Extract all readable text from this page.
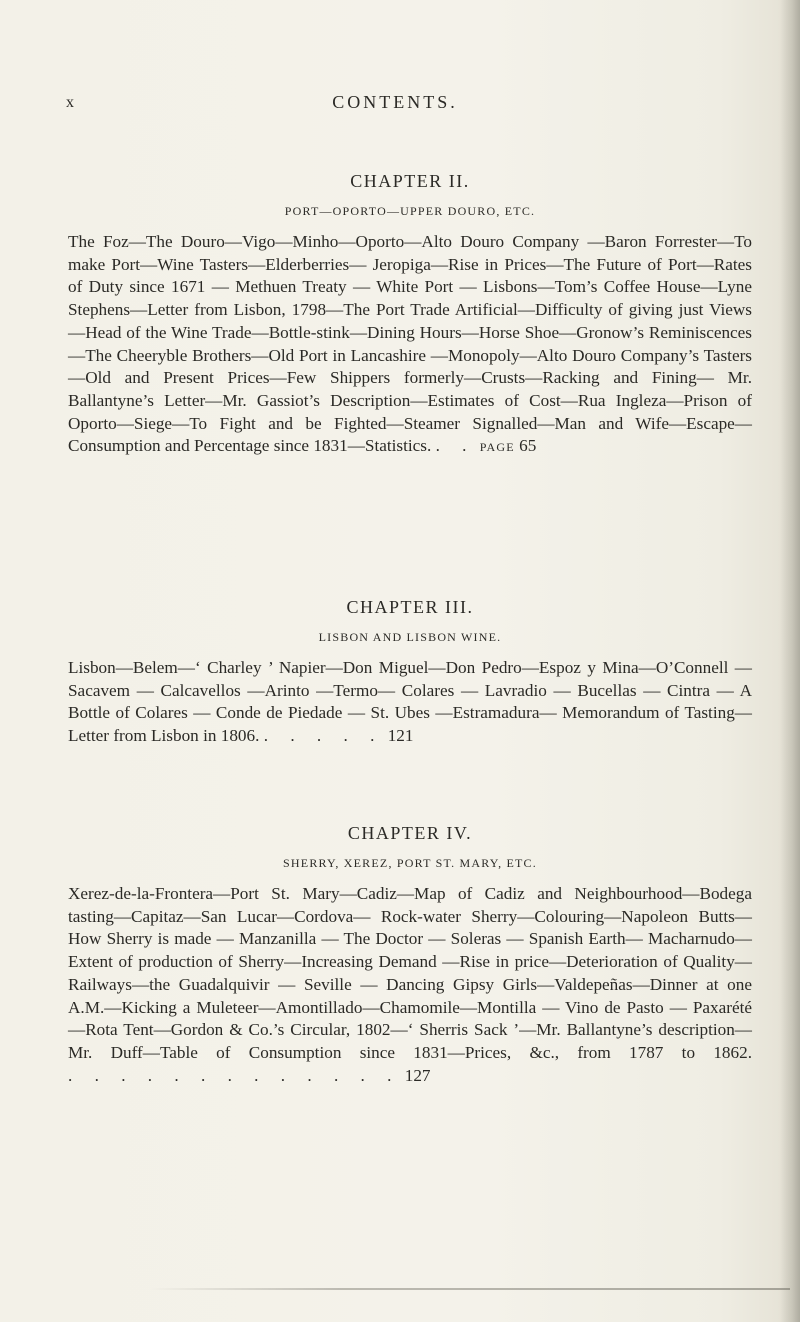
x	CONTENTS.
CHAPTER II.
PORT—OPORTO—UPPER DOURO, ETC.

The Foz—The Douro—Vigo—Minho—Oporto—Alto Douro Company —Baron Forrester—To make Port—Wine Tasters—Elderberries— Jeropiga—Rise in Prices—The Future of Port—Rates of Duty since 1671 — Methuen Treaty — White Port — Lisbons—Tom’s Coffee House—Lyne Stephens—Letter from Lisbon, 1798—The Port Trade Artificial—Difficulty of giving just Views—Head of the Wine Trade—Bottle-stink—Dining Hours—Horse Shoe—Gronow’s Reminiscences—The Cheeryble Brothers—Old Port in Lancashire —Monopoly—Alto Douro Company’s Tasters—Old and Present Prices—Few Shippers formerly—Crusts—Racking and Fining— Mr. Ballantyne’s Letter—Mr. Gassiot’s Description—Estimates of Cost—Rua Ingleza—Prison of Oporto—Siege—To Fight and be Fighted—Steamer Signalled—Man and Wife—Escape—Consumption and Percentage since 1831—Statistics. . . PAGE 65

CHAPTER III.
LISBON AND LISBON WINE.

Lisbon—Belem—‘ Charley ’ Napier—Don Miguel—Don Pedro—Espoz y Mina—O’Connell — Sacavem — Calcavellos —Arinto —Termo— Colares — Lavradio — Bucellas — Cintra — A Bottle of Colares — Conde de Piedade — St. Ubes —Estramadura— Memorandum of Tasting—Letter from Lisbon in 1806. . . . . . 121

CHAPTER IV.
SHERRY, XEREZ, PORT ST. MARY, ETC.

Xerez-de-la-Frontera—Port St. Mary—Cadiz—Map of Cadiz and Neighbourhood—Bodega tasting—Capitaz—San Lucar—Cordova— Rock-water Sherry—Colouring—Napoleon Butts—How Sherry is made — Manzanilla — The Doctor — Soleras — Spanish Earth— Macharnudo—Extent of production of Sherry—Increasing Demand —Rise in price—Deterioration of Quality—Railways—the Guadalquivir — Seville — Dancing Gipsy Girls—Valdepeñas—Dinner at one A.M.—Kicking a Muleteer—Amontillado—Chamomile—Montilla — Vino de Pasto — Paxarété—Rota Tent—Gordon & Co.’s Circular, 1802—‘ Sherris Sack ’—Mr. Ballantyne’s description—Mr. Duff—Table of Consumption since 1831—Prices, &c., from 1787 to 1862. . . . . . . . . . . . . . 127
